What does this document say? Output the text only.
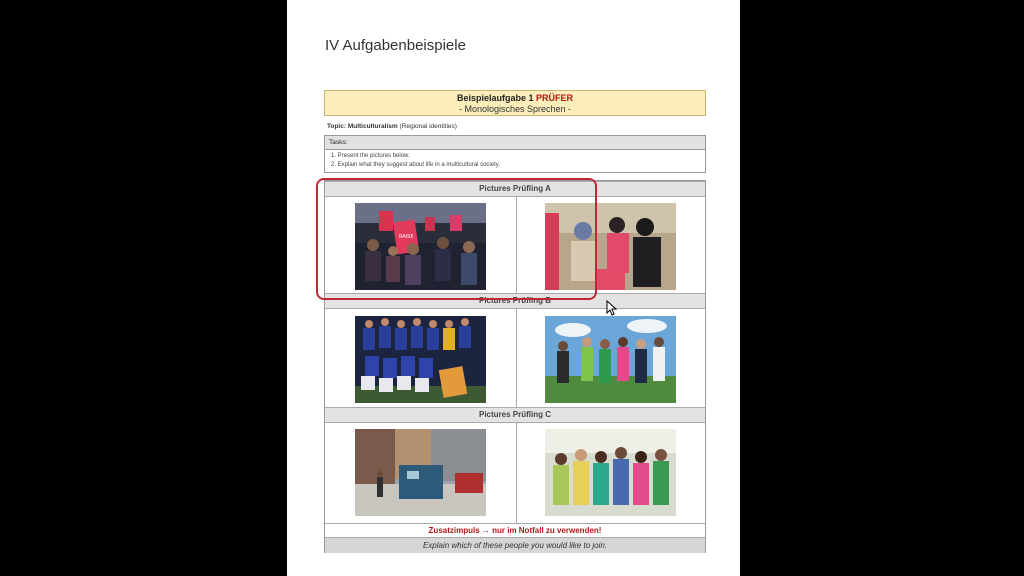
IV Aufgabenbeispiele
Beispielaufgabe 1 PRÜFER
- Monologisches Sprechen -
Topic: Multiculturalism (Regional identities)
Tasks:
1. Present the pictures below.
2. Explain what they suggest about life in a multicultural society.
Pictures Prüfling A
RAISE
Pictures Prüfling B
Pictures Prüfling C
Zusatzimpuls → nur im Notfall zu verwenden!
Explain which of these people you would like to join.
